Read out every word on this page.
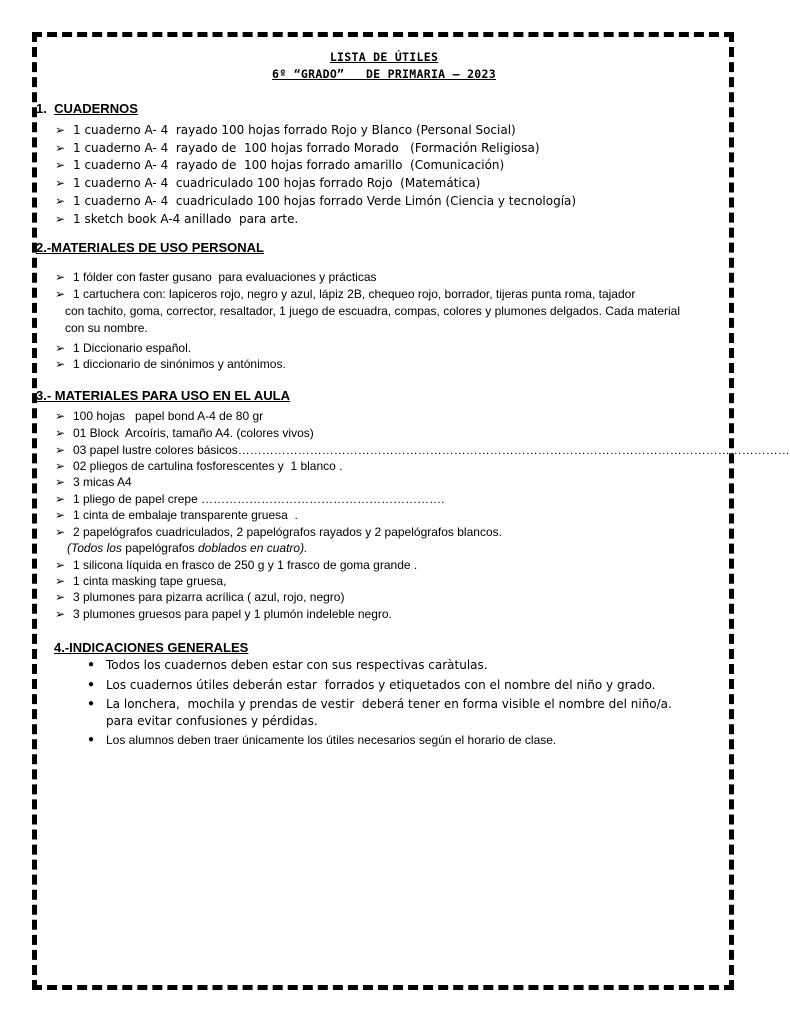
LISTA DE ÚTILES
6º “GRADO”   DE PRIMARIA – 2023
1. CUADERNOS
➢ 1 cuaderno A- 4  rayado 100 hojas forrado Rojo y Blanco (Personal Social)
➢ 1 cuaderno A- 4  rayado de  100 hojas forrado Morado   (Formación Religiosa)
➢ 1 cuaderno A- 4  rayado de  100 hojas forrado amarillo  (Comunicación)
➢ 1 cuaderno A- 4  cuadriculado 100 hojas forrado Rojo  (Matemática)
➢ 1 cuaderno A- 4  cuadriculado 100 hojas forrado Verde Limón (Ciencia y tecnología)
➢ 1 sketch book A-4 anillado  para arte.
2.-MATERIALES DE USO PERSONAL
➢ 1 fólder con faster gusano  para evaluaciones y prácticas
➢ 1 cartuchera con: lapiceros rojo, negro y azul, lápiz 2B, chequeo rojo, borrador, tijeras punta roma, tajador
con tachito, goma, corrector, resaltador, 1 juego de escuadra, compas, colores y plumones delgados. Cada material
con su nombre.
➢ 1 Diccionario español.
➢ 1 diccionario de sinónimos y antónimos.
3.- MATERIALES PARA USO EN EL AULA
➢ 100 hojas   papel bond A-4 de 80 gr
➢ 01 Block  Arcoíris, tamaño A4. (colores vivos)
➢ 03 papel lustre colores básicos…………………………………………………………………………………………………………………………
➢ 02 pliegos de cartulina fosforescentes y  1 blanco .
➢ 3 micas A4
➢ 1 pliego de papel crepe …………………………………………………….
➢ 1 cinta de embalaje transparente gruesa  .
➢ 2 papelógrafos cuadriculados, 2 papelógrafos rayados y 2 papelógrafos blancos.
(Todos los papelógrafos doblados en cuatro).
➢ 1 silicona líquida en frasco de 250 g y 1 frasco de goma grande .
➢ 1 cinta masking tape gruesa,
➢ 3 plumones para pizarra acrílica ( azul, rojo, negro)
➢ 3 plumones gruesos para papel y 1 plumón indeleble negro.
4.-INDICACIONES GENERALES
● Todos los cuadernos deben estar con sus respectivas caràtulas.
● Los cuadernos útiles deberán estar  forrados y etiquetados con el nombre del niño y grado.
● La lonchera,  mochila y prendas de vestir  deberá tener en forma visible el nombre del niño/a.
para evitar confusiones y pérdidas.
● Los alumnos deben traer únicamente los útiles necesarios según el horario de clase.
